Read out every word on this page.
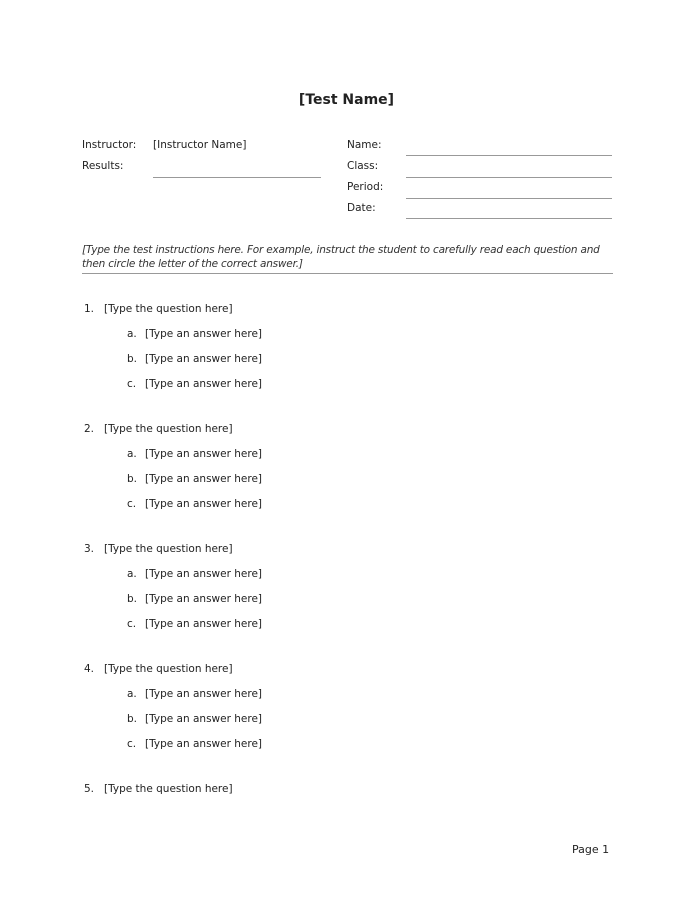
[Test Name]
Instructor: [Instructor Name]
Results:
Name:
Class:
Period:
Date:
[Type the test instructions here. For example, instruct the student to carefully read each question and then circle the letter of the correct answer.]
1. [Type the question here]
a. [Type an answer here]
b. [Type an answer here]
c. [Type an answer here]
2. [Type the question here]
a. [Type an answer here]
b. [Type an answer here]
c. [Type an answer here]
3. [Type the question here]
a. [Type an answer here]
b. [Type an answer here]
c. [Type an answer here]
4. [Type the question here]
a. [Type an answer here]
b. [Type an answer here]
c. [Type an answer here]
5. [Type the question here]
Page 1
